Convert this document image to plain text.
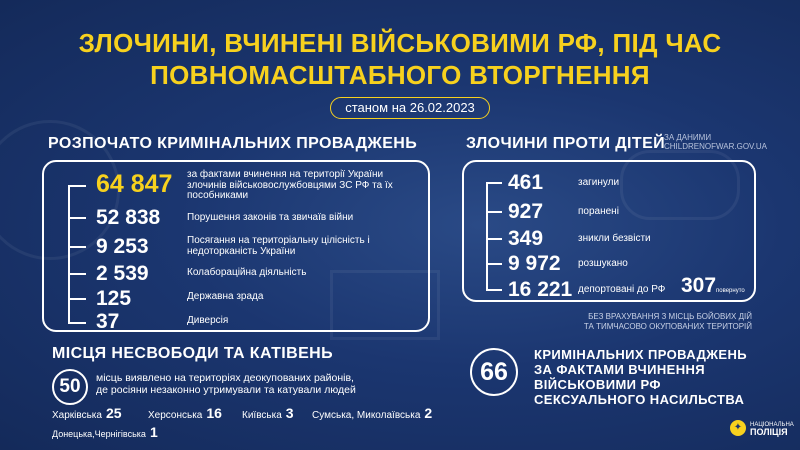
ЗЛОЧИНИ, ВЧИНЕНІ ВІЙСЬКОВИМИ РФ, ПІД ЧАС
ПОВНОМАСШТАБНОГО ВТОРГНЕННЯ
станом на 26.02.2023
РОЗПОЧАТО КРИМІНАЛЬНИХ ПРОВАДЖЕНЬ
64 847 за фактами вчинення на території України злочинів військовослужбовцями ЗС РФ та їх пособниками
52 838	Порушення законів та звичаїв війни
9 253	Посягання на територіальну цілісність і недоторканість України
2 539	Колабораційна діяльність
125	Державна зрада
37	Диверсія
ЗЛОЧИНИ ПРОТИ ДІТЕЙ
ЗА ДАНИМИ
CHILDRENOFWAR.GOV.UA
461	загинули
927	поранені
349	зникли безвісти
9 972 розшукано
16 221 депортовані до РФ 307 повернуто
БЕЗ ВРАХУВАННЯ З МІСЦЬ БОЙОВИХ ДІЙ
ТА ТИМЧАСОВО ОКУПОВАНИХ ТЕРИТОРІЙ
МІСЦЯ НЕСВОБОДИ ТА КАТІВЕНЬ
50	місць виявлено на територіях деокупованих районів,
де росіяни незаконно утримували та катували людей
Харківська 25	Херсонська 16 Київська 3 Сумська, Миколаївська 2
Донецька,Чернігівська 1
66
КРИМІНАЛЬНИХ ПРОВАДЖЕНЬ
ЗА ФАКТАМИ ВЧИНЕННЯ
ВІЙСЬКОВИМИ РФ
СЕКСУАЛЬНОГО НАСИЛЬСТВА
✦	НАЦІОНАЛЬНА
ПОЛІЦІЯ
